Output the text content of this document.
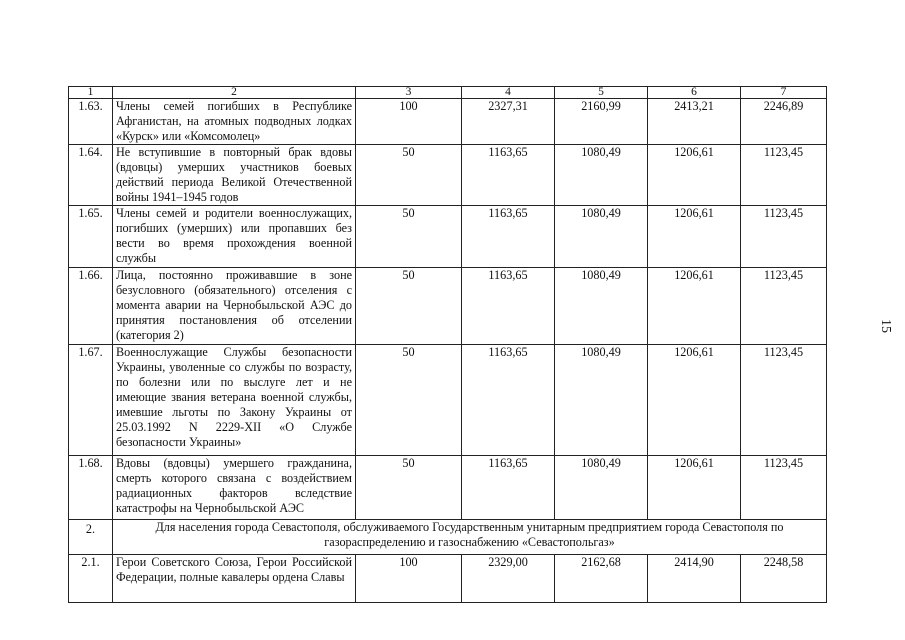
1	2	3	4	5	6	7
1.63.	Члены семей погибших в Республике Афганистан, на атомных подводных лодках «Курск» или «Комсомолец»	100	2327,31	2160,99	2413,21	2246,89
1.64.	Не вступившие в повторный брак вдовы (вдовцы) умерших участников боевых действий периода Великой Отечественной войны 1941–1945 годов	50	1163,65	1080,49	1206,61	1123,45
1.65.	Члены семей и родители военнослужащих, погибших (умерших) или пропавших без вести во время прохождения военной службы	50	1163,65	1080,49	1206,61	1123,45
1.66.	Лица, постоянно проживавшие в зоне безусловного (обязательного) отселения с момента аварии на Чернобыльской АЭС до принятия постановления об отселении (категория 2)	50	1163,65	1080,49	1206,61	1123,45
1.67.	Военнослужащие Службы безопасности Украины, уволенные со службы по возрасту, по болезни или по выслуге лет и не имеющие звания ветерана военной службы, имевшие льготы по Закону Украины от 25.03.1992 N 2229-XII «О Службе безопасности Украины»	50	1163,65	1080,49	1206,61	1123,45
1.68.	Вдовы (вдовцы) умершего гражданина, смерть которого связана с воздействием радиационных факторов вследствие катастрофы на Чернобыльской АЭС	50	1163,65	1080,49	1206,61	1123,45
2.	Для населения города Севастополя, обслуживаемого Государственным унитарным предприятием города Севастополя по газораспределению и газоснабжению «Севастопольгаз»					
2.1.	Герои Советского Союза, Герои Российской Федерации, полные кавалеры ордена Славы	100	2329,00	2162,68	2414,90	2248,58
15
